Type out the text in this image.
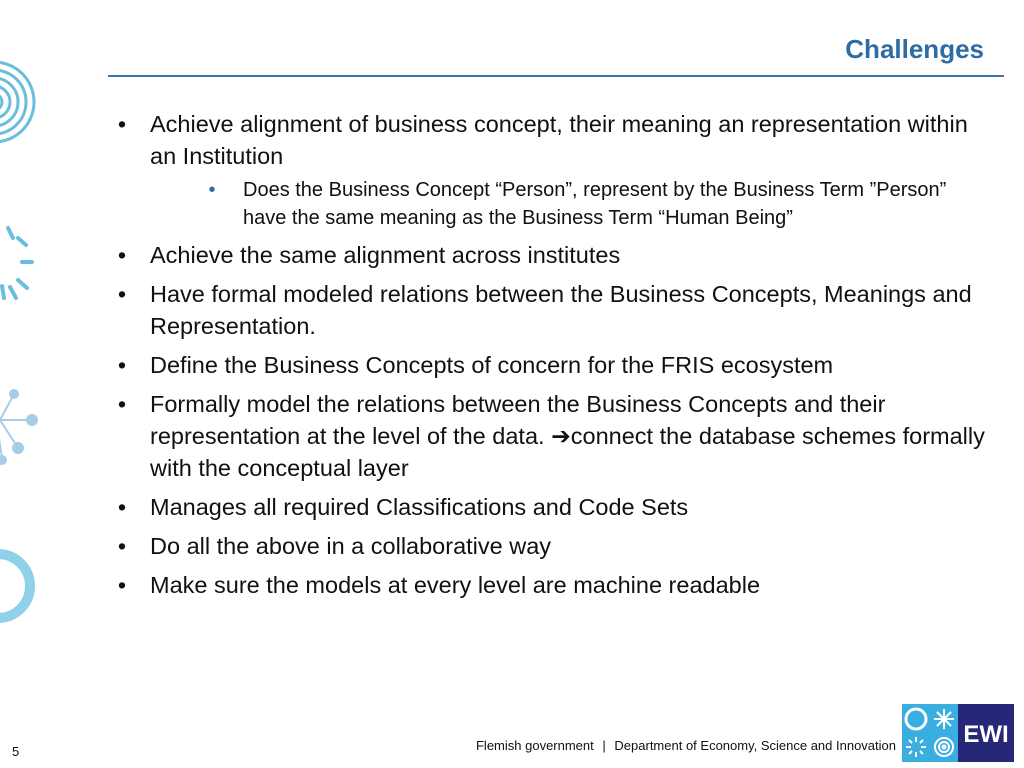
Challenges
• Achieve alignment of business concept, their meaning an representation within an Institution
•	Does the Business Concept “Person”, represent by the Business Term ”Person” have the same meaning as the Business Term “Human Being”
• Achieve the same alignment across institutes
• Have formal modeled relations between the Business Concepts, Meanings and Representation.
• Define the Business Concepts of concern for the FRIS ecosystem
• Formally model the relations between the Business Concepts and their representation at the level of the data. ➔connect the database schemes formally with the conceptual layer
• Manages all required Classifications and Code Sets
• Do all the above in a collaborative way
• Make sure the models at every level are machine readable
5	Flemish government | Department of Economy, Science and Innovation	EWI
